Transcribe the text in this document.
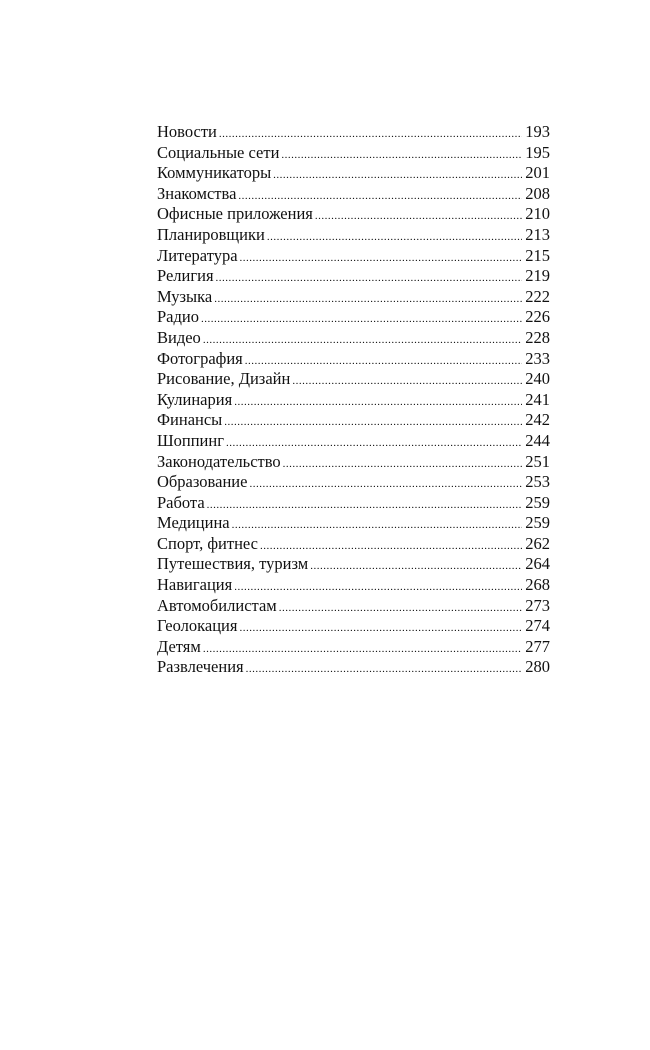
Новости .....	193
Социальные сети .....	195
Коммуникаторы .....	201
Знакомства .....	208
Офисные приложения .....	210
Планировщики .....	213
Литература .....	215
Религия .....	219
Музыка .....	222
Радио .....	226
Видео .....	228
Фотография .....	233
Рисование, Дизайн .....	240
Кулинария .....	241
Финансы .....	242
Шоппинг .....	244
Законодательство .....	251
Образование .....	253
Работа .....	259
Медицина .....	259
Спорт, фитнес .....	262
Путешествия, туризм .....	264
Навигация .....	268
Автомобилистам .....	273
Геолокация .....	274
Детям .....	277
Развлечения .....	280
